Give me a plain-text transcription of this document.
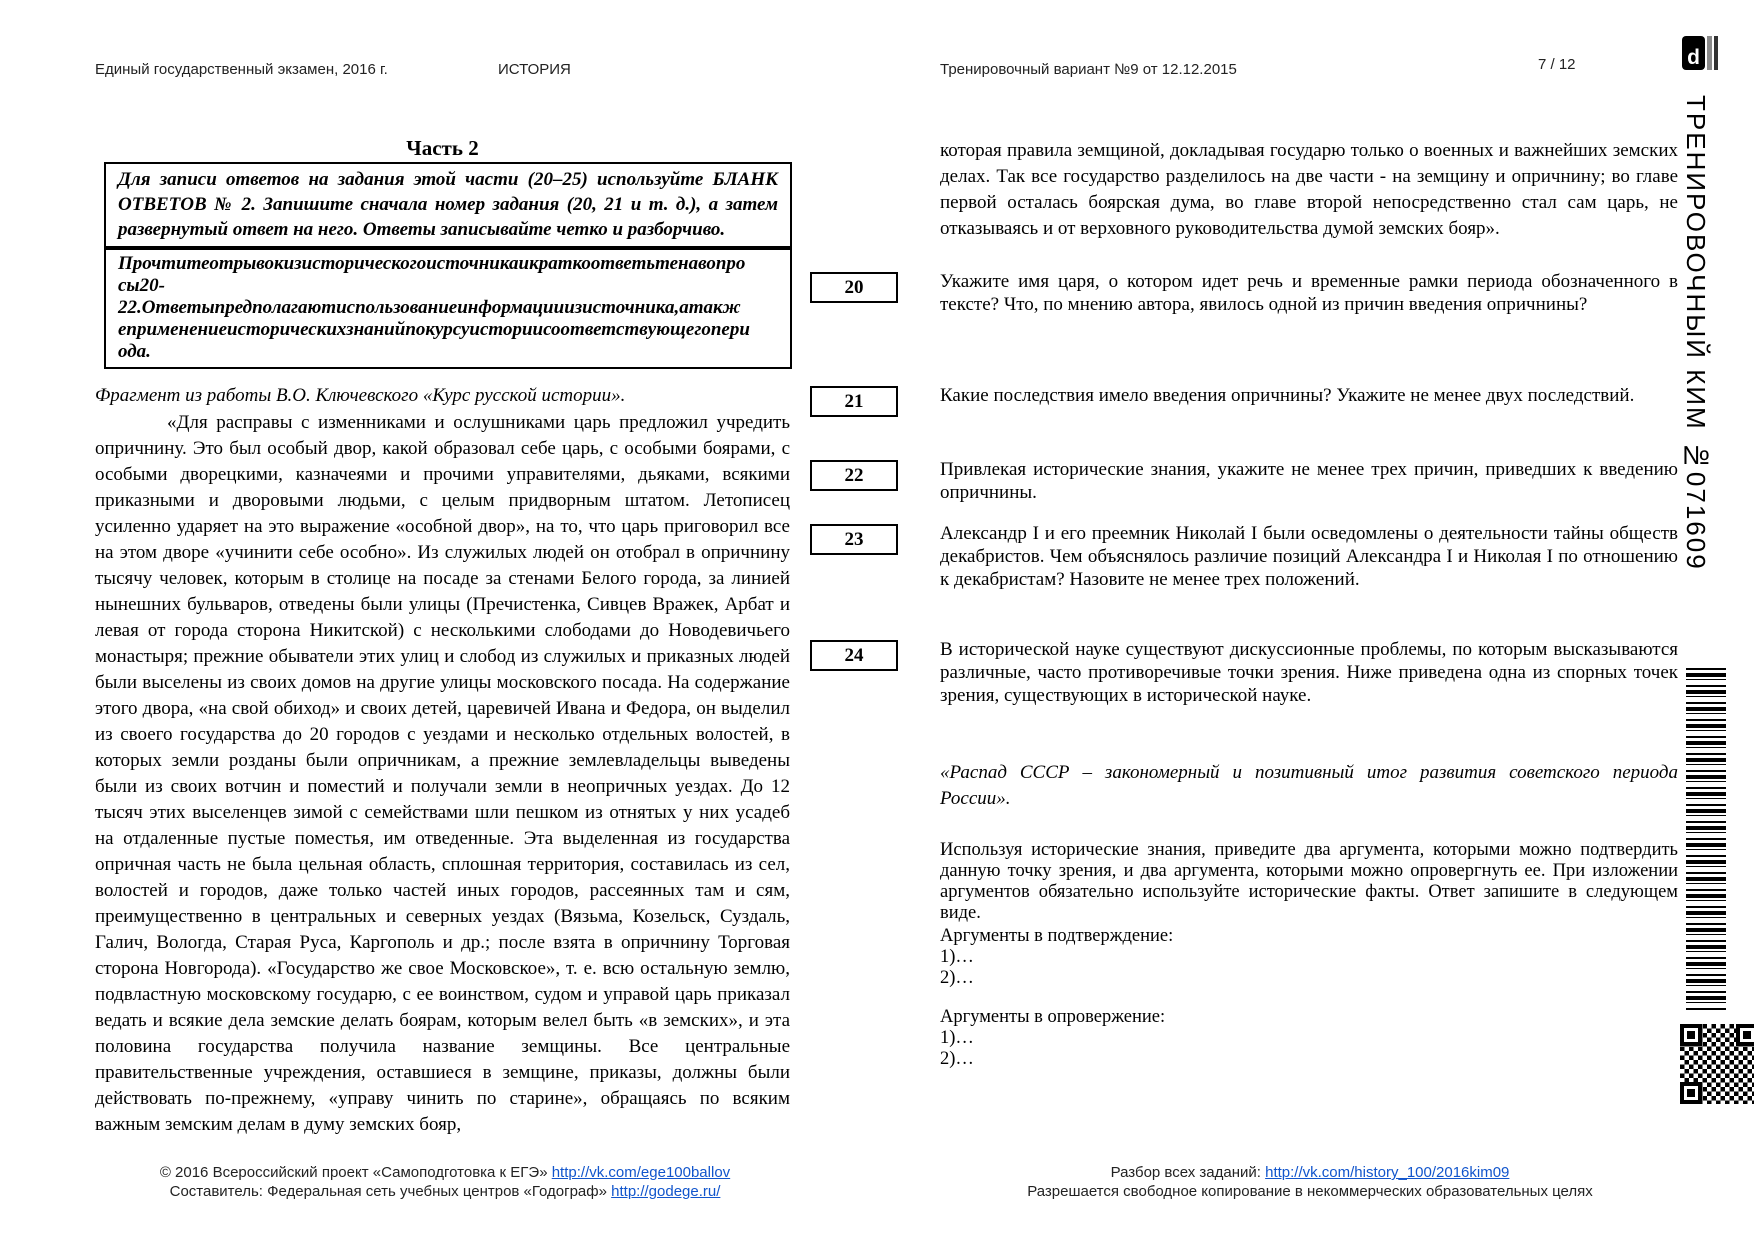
Единый государственный экзамен, 2016 г.	ИСТОРИЯ	Тренировочный вариант №9 от 12.12.2015	7 / 12
Часть 2
Для записи ответов на задания этой части (20–25) используйте БЛАНК ОТВЕТОВ № 2. Запишите сначала номер задания (20, 21 и т. д.), а затем развернутый ответ на него. Ответы записывайте четко и разборчиво.
Прочтитеотрывокизисторическогоисточникаикраткоответьтенавопро
сы20-
22.Ответыпредполагаютиспользованиеинформацииизисточника,атакж
еприменениеисторическихзнанийпокурсуисториисоответствующегопери
ода.
Фрагмент из работы В.О. Ключевского «Курс русской истории».
«Для расправы с изменниками и ослушниками царь предложил учредить опричнину. Это был особый двор, какой образовал себе царь, с особыми боярами, с особыми дворецкими, казначеями и прочими управителями, дьяками, всякими приказными и дворовыми людьми, с целым придворным штатом. Летописец усиленно ударяет на это выражение «особной двор», на то, что царь приговорил все на этом дворе «учинити себе особно». Из служилых людей он отобрал в опричнину тысячу человек, которым в столице на посаде за стенами Белого города, за линией нынешних бульваров, отведены были улицы (Пречистенка, Сивцев Вражек, Арбат и левая от города сторона Никитской) с несколькими слободами до Новодевичьего монастыря; прежние обыватели этих улиц и слобод из служилых и приказных людей были выселены из своих домов на другие улицы московского посада. На содержание этого двора, «на свой обиход» и своих детей, царевичей Ивана и Федора, он выделил из своего государства до 20 городов с уездами и несколько отдельных волостей, в которых земли розданы были опричникам, а прежние землевладельцы выведены были из своих вотчин и поместий и получали земли в неопричных уездах. До 12 тысяч этих выселенцев зимой с семействами шли пешком из отнятых у них усадеб на отдаленные пустые поместья, им отведенные. Эта выделенная из государства опричная часть не была цельная область, сплошная территория, составилась из сел, волостей и городов, даже только частей иных городов, рассеянных там и сям, преимущественно в центральных и северных уездах (Вязьма, Козельск, Суздаль, Галич, Вологда, Старая Руса, Каргополь и др.; после взята в опричнину Торговая сторона Новгорода). «Государство же свое Московское», т. е. всю остальную землю, подвластную московскому государю, с ее воинством, судом и управой царь приказал ведать и всякие дела земские делать боярам, которым велел быть «в земских», и эта половина государства получила название земщины. Все центральные правительственные учреждения, оставшиеся в земщине, приказы, должны были действовать по-прежнему, «управу чинить по старине», обращаясь по всяким важным земским делам в думу земских бояр,
которая правила земщиной, докладывая государю только о военных и важнейших земских делах. Так все государство разделилось на две части - на земщину и опричнину; во главе первой осталась боярская дума, во главе второй непосредственно стал сам царь, не отказываясь и от верховного руководительства думой земских бояр».
20	Укажите имя царя, о котором идет речь и временные рамки периода обозначенного в тексте? Что, по мнению автора, явилось одной из причин введения опричнины?
21	Какие последствия имело введения опричнины? Укажите не менее двух последствий.
22	Привлекая исторические знания, укажите не менее трех причин, приведших к введению опричнины.
23	Александр I и его преемник Николай I были осведомлены о деятельности тайны обществ декабристов. Чем объяснялось различие позиций Александра I и Николая I по отношению к декабристам? Назовите не менее трех положений.
24	В исторической науке существуют дискуссионные проблемы, по которым высказываются различные, часто противоречивые точки зрения. Ниже приведена одна из спорных точек зрения, существующих в исторической науке.
«Распад СССР – закономерный и позитивный итог развития советского периода России».

Используя исторические знания, приведите два аргумента, которыми можно подтвердить данную точку зрения, и два аргумента, которыми можно опровергнуть ее. При изложении аргументов обязательно используйте исторические факты. Ответ запишите в следующем виде.

Аргументы в подтверждение:
1)…
2)…
Аргументы в опровержение:
1)…
2)…
© 2016 Всероссийский проект «Самоподготовка к ЕГЭ» http://vk.com/ege100ballov
Составитель: Федеральная сеть учебных центров «Годограф» http://godege.ru/
Разбор всех заданий: http://vk.com/history_100/2016kim09
Разрешается свободное копирование в некоммерческих образовательных целях
d
ТРЕНИРОВОЧНЫЙ КИМ №071609
